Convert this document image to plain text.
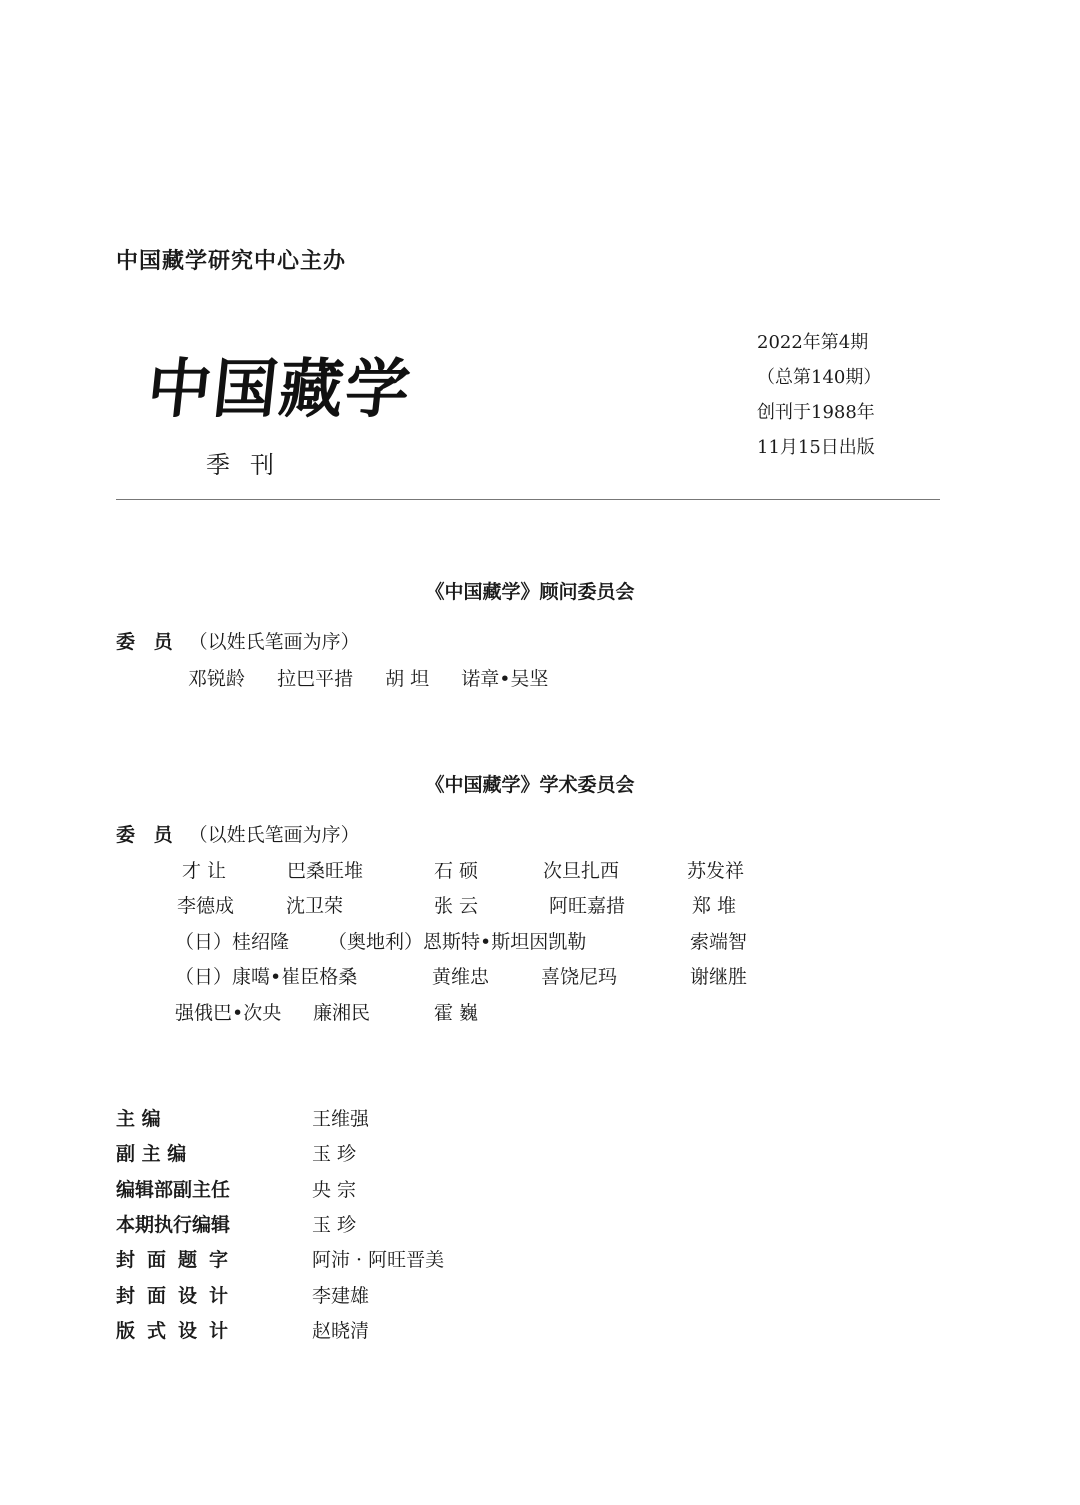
中国藏学研究中心主办
中国藏学
季刊
2022年第4期
（总第140期）
创刊于1988年
11月15日出版
《中国藏学》顾问委员会
委 员 （以姓氏笔画为序）
邓锐龄 拉巴平措 胡 坦 诺章•吴坚
《中国藏学》学术委员会
委 员 （以姓氏笔画为序）
才 让	巴桑旺堆	石 硕	次旦扎西	苏发祥
李德成	沈卫荣	张 云	阿旺嘉措	郑 堆
（日）桂绍隆 （奥地利）恩斯特•斯坦因凯勒	索端智
（日）康噶•崔臣格桑	黄维忠	喜饶尼玛	谢继胜
强俄巴•次央 廉湘民	霍 巍
主 编	王维强
副 主 编	玉 珍
编辑部副主任	央 宗
本期执行编辑	玉 珍
封面题字	阿沛 · 阿旺晋美
封面设计	李建雄
版式设计	赵晓清
